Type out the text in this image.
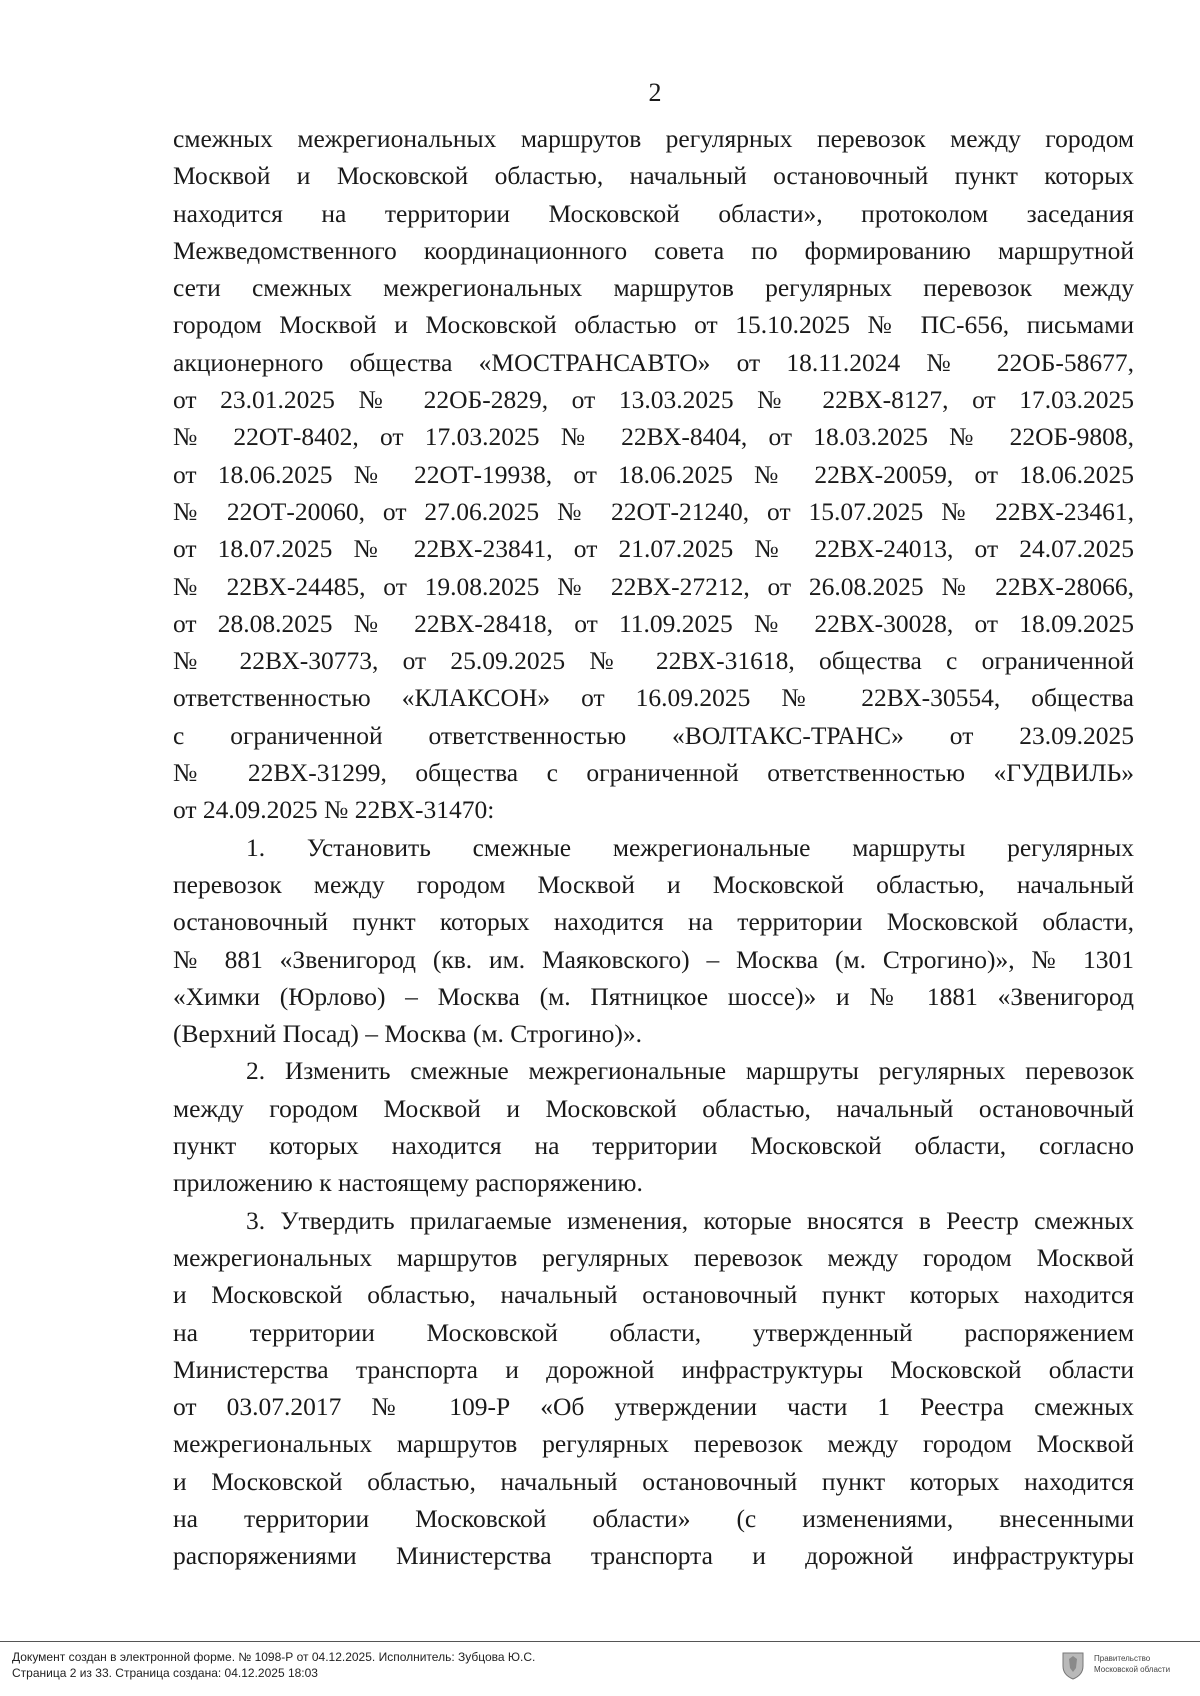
2
смежных межрегиональных маршрутов регулярных перевозок между городом
Москвой и Московской областью, начальный остановочный пункт которых
находится на территории Московской области», протоколом заседания
Межведомственного координационного совета по формированию маршрутной
сети смежных межрегиональных маршрутов регулярных перевозок между
городом Москвой и Московской областью от 15.10.2025 № ПС-656, письмами
акционерного общества «МОСТРАНСАВТО» от 18.11.2024 № 22ОБ-58677,
от 23.01.2025 № 22ОБ-2829, от 13.03.2025 № 22ВХ-8127, от 17.03.2025
№ 22ОТ-8402, от 17.03.2025 № 22ВХ-8404, от 18.03.2025 № 22ОБ-9808,
от 18.06.2025 № 22ОТ-19938, от 18.06.2025 № 22ВХ-20059, от 18.06.2025
№ 22ОТ-20060, от 27.06.2025 № 22ОТ-21240, от 15.07.2025 № 22ВХ-23461,
от 18.07.2025 № 22ВХ-23841, от 21.07.2025 № 22ВХ-24013, от 24.07.2025
№ 22ВХ-24485, от 19.08.2025 № 22ВХ-27212, от 26.08.2025 № 22ВХ-28066,
от 28.08.2025 № 22ВХ-28418, от 11.09.2025 № 22ВХ-30028, от 18.09.2025
№ 22ВХ-30773, от 25.09.2025 № 22ВХ-31618, общества с ограниченной
ответственностью «КЛАКСОН» от 16.09.2025 № 22ВХ-30554, общества
с ограниченной ответственностью «ВОЛТАКС-ТРАНС» от 23.09.2025
№ 22ВХ-31299, общества с ограниченной ответственностью «ГУДВИЛЬ»
от 24.09.2025 № 22ВХ-31470:
1. Установить смежные межрегиональные маршруты регулярных
перевозок между городом Москвой и Московской областью, начальный
остановочный пункт которых находится на территории Московской области,
№ 881 «Звенигород (кв. им. Маяковского) – Москва (м. Строгино)», № 1301
«Химки (Юрлово) – Москва (м. Пятницкое шоссе)» и № 1881 «Звенигород
(Верхний Посад) – Москва (м. Строгино)».
2. Изменить смежные межрегиональные маршруты регулярных перевозок
между городом Москвой и Московской областью, начальный остановочный
пункт которых находится на территории Московской области, согласно
приложению к настоящему распоряжению.
3. Утвердить прилагаемые изменения, которые вносятся в Реестр смежных
межрегиональных маршрутов регулярных перевозок между городом Москвой
и Московской областью, начальный остановочный пункт которых находится
на территории Московской области, утвержденный распоряжением
Министерства транспорта и дорожной инфраструктуры Московской области
от 03.07.2017 № 109-Р «Об утверждении части 1 Реестра смежных
межрегиональных маршрутов регулярных перевозок между городом Москвой
и Московской областью, начальный остановочный пункт которых находится
на территории Московской области» (с изменениями, внесенными
распоряжениями Министерства транспорта и дорожной инфраструктуры
Документ создан в электронной форме. № 1098-Р от 04.12.2025. Исполнитель: Зубцова Ю.С.
Страница 2 из 33. Страница создана: 04.12.2025 18:03
Правительство
Московской области
